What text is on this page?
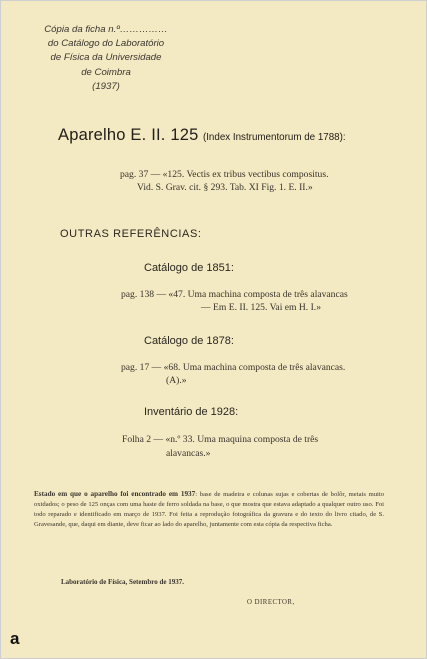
Cópia da ficha n.º……………
do Catálogo do Laboratório
de Física da Universidade
de Coimbra
(1937)
Aparelho E. II. 125 (Index Instrumentorum de 1788):
pag. 37 — «125. Vectis ex tribus vectibus compositus.
Vid. S. Grav. cit. § 293. Tab. XI Fig. 1. E. II.»
OUTRAS REFERÊNCIAS:
Catálogo de 1851:
pag. 138 — «47. Uma machina composta de três alavancas
— Em E. II. 125. Vai em H. I.»
Catálogo de 1878:
pag. 17 — «68. Uma machina composta de três alavancas.
(A).»
Inventário de 1928:
Folha 2 — «n.º 33. Uma maquina composta de três
alavancas.»
Estado em que o aparelho foi encontrado em 1937: base de madeira e colunas sujas e cobertas de bolôr, metais muito oxidados; o peso de 125 onças com uma haste de ferro soldada na base, o que mostra que estava adaptado a qualquer outro uso. Foi todo reparado e identificado em março de 1937. Foi feita a reprodução fotográfica da gravura e do texto do livro citado, de S. Gravesande, que, daqui em diante, deve ficar ao lado do aparelho, juntamente com esta cópia da respectiva ficha.
Laboratório de Física, Setembro de 1937.
O DIRECTOR,
a
